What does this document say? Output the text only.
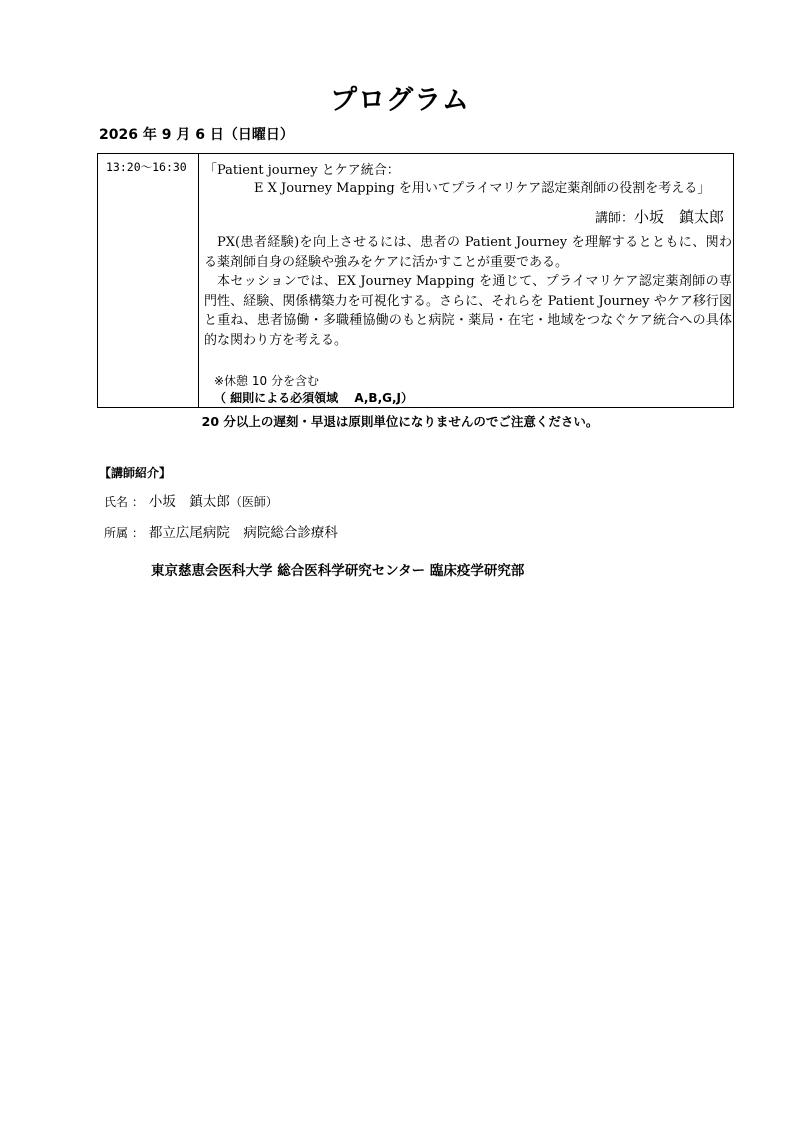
プログラム
2026 年 9 月 6 日（日曜日）
13:20～16:30 「Patient journey とケア統合：
E X Journey Mapping を用いてプライマリケア認定薬剤師の役割を考える」
講師：小坂　鎮太郎

PX(患者経験)を向上させるには、患者の Patient Journey を理解するとともに、関わる薬剤師自身の経験や強みをケアに活かすことが重要である。

本セッションでは、EX Journey Mapping を通じて、プライマリケア認定薬剤師の専門性、経験、関係構築力を可視化する。さらに、それらを Patient Journey やケア移行図と重ね、患者協働・多職種協働のもと病院・薬局・在宅・地域をつなぐケア統合への具体的な関わり方を考える。

※休憩 10 分を含む
（ 細則による必須領域　 A,B,G,J）
20 分以上の遅刻・早退は原則単位になりませんのでご注意ください。
【講師紹介】
氏名 ： 小坂　鎮太郎（医師）
所属 ： 都立広尾病院　病院総合診療科
東京慈恵会医科大学 総合医科学研究センター 臨床疫学研究部
